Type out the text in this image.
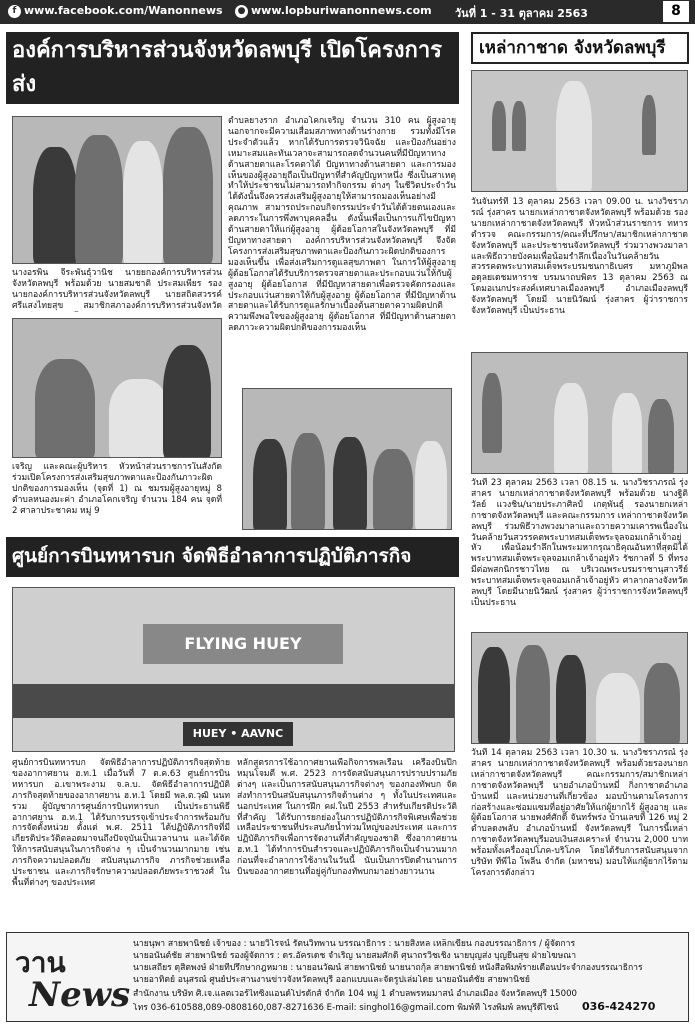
f www.facebook.com/Wanonnews ● www.lopburiwanonnews.com วันที่ 1 - 31 ตุลาคม 2563	8
องค์การบริหารส่วนจังหวัดลพบุรี เปิดโครงการส่ง
นางอรพิน จีระพันธุ์วานิช นายยกองค์การบริหารส่วนจังหวัดลพบุรี พร้อมด้วย นายสมชาติ ประสมเพียร รองนายกองค์การบริหารส่วนจังหวัดลพบุรี นายสถิตสวรรค์ ศรีแสงไทยสุข สมาชิกสภาองค์การบริหารส่วนจังหวัด
เจริญ และคณะผู้บริหาร หัวหน้าส่วนราชการในสังกัด ร่วมเปิดโครงการส่งเสริมสุขภาพตาและป้องกันภาวะผิดปกติของการมองเห็น (จุดที่ 1) ณ ชมรมผู้สูงอายุหมู่ 8 ตำบลหนองมะค่า อำเภอโคกเจริญ จำนวน 184 คน จุดที่ 2 ศาลาประชาคม หมู่ 9
ตำบลยางราก อำเภอโคกเจริญ จำนวน 310 คน ผู้สูงอายุ นอกจากจะมีความเสื่อมสภาพทางด้านร่างกาย รวมทั้งมีโรคประจำตัวแล้ว หากได้รับการตรวจวินิจฉัย และป้องกันอย่างเหมาะสมและทันเวลาจะสามารถลดจำนวนคนที่มีปัญหาทางด้านสายตาและโรคตาได้ ปัญหาทางด้านสายตา และการมองเห็นของผู้สูงอายุถือเป็นปัญหาที่สำคัญปัญหาหนึ่ง ซึ่งเป็นสาเหตุทำให้ประชาชนไม่สามารถทำกิจกรรม ต่างๆ ในชีวิตประจำวันได้ดังนั้นจึงควรส่งเสริมผู้สูงอายุให้สามารถมองเห็นอย่างมีคุณภาพ สามารถประกอบกิจกรรมประจำวันได้ด้วยตนเองและลดภาระในการพึ่งพาบุคคลอื่น ดังนั้นเพื่อเป็นการแก้ไขปัญหาด้านสายตาให้แก่ผู้สูงอายุ ผู้ด้อยโอกาสในจังหวัดลพบุรี ที่มีปัญหาทางสายตา องค์การบริหารส่วนจังหวัดลพบุรี จึงจัดโครงการส่งเสริมสุขภาพตาและป้องกันภาวะผิดปกติของการมองเห็นขึ้น เพื่อส่งเสริมการดูแลสุขภาพตา ในการให้ผู้สูงอายุ ผู้ด้อยโอกาสได้รับบริการตรวจสายตาและประกอบแว่นให้กับผู้สูงอายุ ผู้ด้อยโอกาส ที่มีปัญหาสายตาเพื่อตรวจคัดกรองและประกอบแว่นสายตาให้กับผู้สูงอายุ ผู้ด้อยโอกาส ที่มีปัญหาด้านสายตาและได้รับการดูแลรักษาเบื้องต้นสายตาความผิดปกติ ความพึงพอใจของผู้สูงอายุ ผู้ด้อยโอกาส ที่มีปัญหาด้านสายตา ลดภาวะความผิดปกติของการมองเห็น
ศูนย์การบินทหารบก จัดพิธีอำลาการปฏิบัติภารกิจ
FLYING HUEY
HUEY • AAVNC
ศูนย์การบินทหารบก จัดพิธีอำลาการปฏิบัติภารกิจสุดท้ายของอากาศยาน ฮ.ท.1 เมื่อวันที่ 7 ต.ค.63 ศูนย์การบินทหารบก อ.เขาพระงาม จ.ล.บ. จัดพิธีอำลาการปฏิบัติภารกิจสุดท้ายของอากาศยาน ฮ.ท.1 โดยมี พล.ต.วุฒิ นนทรวม ผู้บัญชาการศูนย์การบินทหารบก เป็นประธานพิธี อากาศยาน ฮ.ท.1 ได้รับการบรรจุเข้าประจำการพร้อมกับการจัดตั้งหน่วย ตั้งแต่ พ.ศ. 2511 ได้ปฏิบัติภารกิจที่มีเกียรติประวัติตลอดมาจนถึงปัจจุบันเป็นเวลานาน และได้จัดให้การสนับสนุนในภารกิจต่าง ๆ เป็นจำนวนมากมาย เช่น ภารกิจความปลอดภัย สนับสนุนภารกิจ ภารกิจช่วยเหลือประชาชน และภารกิจรักษาความปลอดภัยพระราชวงศ์ ในพื้นที่ต่างๆ ของประเทศ
หลักสูตรการใช้อากาศยานเพื่อกิจการพลเรือน เครื่องบินปีกหมุนโจมตี พ.ศ. 2523 การจัดสนับสนุนการปราบปรามภัยต่างๆ และเป็นการสนับสนุนภารกิจต่างๆ ของกองทัพบก จัดส่งทำการบินสนับสนุนภารกิจด้านต่าง ๆ ทั้งในประเทศและนอกประเทศ ในการฝึก คฝ.ในปี 2553 สำหรับเกียรติประวัติที่สำคัญ ได้รับการยกย่องในการปฏิบัติภารกิจพิเศษเพื่อช่วยเหลือประชาชนที่ประสบภัยน้ำท่วมใหญ่ของประเทศ และการปฏิบัติภารกิจเพื่อการจัดงานที่สำคัญของชาติ ซึ่งอากาศยาน ฮ.ท.1 ได้ทำการบินสำรวจและปฏิบัติภารกิจเป็นจำนวนมาก ก่อนที่จะอำลาการใช้งานในวันนี้ นับเป็นการปิดตำนานการบินของอากาศยานที่อยู่คู่กับกองทัพบกมาอย่างยาวนาน
เหล่ากาชาด จังหวัดลพบุรี
วันจันทร์ที่ 13 ตุลาคม 2563 เวลา 09.00 น. นางวิชราภรณ์ รุ่งสาคร นายกเหล่ากาชาดจังหวัดลพบุรี พร้อมด้วย รองนายกเหล่ากาชาดจังหวัดลพบุรี หัวหน้าส่วนราชการ ทหาร ตำรวจ คณะกรรมการ/คณะที่ปรึกษา/สมาชิกเหล่ากาชาดจังหวัดลพบุรี และประชาชนจังหวัดลพบุรี ร่วมวางพวงมาลา และพิธีถวายบังคมเพื่อน้อมรำลึกเนื่องในวันคล้ายวันสวรรคตพระบาทสมเด็จพระบรมชนกาธิเบศร มหาภูมิพลอดุลยเดชมหาราช บรมนาถบพิตร 13 ตุลาคม 2563 ณ โดมอเนกประสงค์เทศบาลเมืองลพบุรี อำเภอเมืองลพบุรี จังหวัดลพบุรี โดยมี นายนิวัฒน์ รุ่งสาคร ผู้ว่าราชการจังหวัดลพบุรี เป็นประธาน
วันที่ 23 ตุลาคม 2563 เวลา 08.15 น. นางวิชราภรณ์ รุ่งสาคร นายกเหล่ากาชาดจังหวัดลพบุรี พร้อมด้วย นางฐิติวัลย์ แวงชิน/นายประภาศิลป์ เกตุพันธุ์ รองนายกเหล่ากาชาดจังหวัดลพบุรี และคณะกรรมการ เหล่ากาชาดจังหวัดลพบุรี ร่วมพิธีวางพวงมาลาและถวายความเคารพเนื่องในวันคล้ายวันสวรรคตพระบาทสมเด็จพระจุลจอมเกล้าเจ้าอยู่หัว เพื่อน้อมรำลึกในพระมหากรุณาธิคุณอันหาที่สุดมิได้ พระบาทสมเด็จพระจุลจอมเกล้าเจ้าอยู่หัว รัชกาลที่ 5 ที่ทรงมีต่อพสกนิกรชาวไทย ณ บริเวณพระบรมราชานุสาวรีย์พระบาทสมเด็จพระจุลจอมเกล้าเจ้าอยู่หัว ศาลากลางจังหวัดลพบุรี โดยมีนายนิวัฒน์ รุ่งสาคร ผู้ว่าราชการจังหวัดลพบุรี เป็นประธาน
วันที่ 14 ตุลาคม 2563 เวลา 10.30 น. นางวิชราภรณ์ รุ่งสาคร นายกเหล่ากาชาดจังหวัดลพบุรี พร้อมด้วยรองนายกเหล่ากาชาดจังหวัดลพบุรี คณะกรรมการ/สมาชิกเหล่ากาชาดจังหวัดลพบุรี นายอำเภอบ้านหมี่ กิ่งกาชาดอำเภอบ้านหมี่ และหน่วยงานที่เกี่ยวข้อง มอบบ้านตามโครงการก่อสร้างและซ่อมแซมที่อยู่อาศัยให้แก่ผู้ยากไร้ ผู้สูงอายุ และผู้ด้อยโอกาส นายพงศ์ศักดิ์ จันทร์พร่ง บ้านเลขที่ 126 หมู่ 2 ตำบลดงพลับ อำเภอบ้านหมี่ จังหวัดลพบุรี ในการนี้เหล่ากาชาดจังหวัดลพบุรีมอบเงินสงเคราะห์ จำนวน 2,000 บาท พร้อมทั้งเครื่องอุปโภค-บริโภค โดยได้รับการสนับสนุนจาก บริษัท ทีพีไอ โพลีน จำกัด (มหาชน) มอบให้แก่ผู้ยากไร้ตามโครงการดังกล่าว
วาน
News
นายนุพา สายพานิชย์ เจ้าของ : นายวิโรจน์ รัตนวิทพาน บรรณาธิการ : นายสิงหล เหล็กเขียน กองบรรณาธิการ / ผู้จัดการ
นายอนันต์ชัย สายพานิชย์ รองผู้จัดการ : ดร.อัครเดช จำเริญ นายสมศักดิ์ ศุนาถรวิชเชิ่ง นายบุญส่ง บุญยืนสุข ฝ่ายโฆษณา
นายเสถียร ดุสิตพงษ์ ฝ่ายที่ปรึกษากฎหมาย : นายอนวัฒน์ สายพานิชย์ นายนาถกุ้ล สายพานิชย์ หนังสือพิมพ์รายเดือนประจำกองบรรณาธิการ
นายอาทิตย์ อนุสรณ์ ศูนย์ประสานงานข่าวจังหวัดลพบุรี ออกแบบและจัดรูปเล่มโดย นายอนันต์ชัย สายพานิชย์
สำนักงาน บริษัท ศิ.เจ.แลตเวอร์ไทซิ่งแอนด์โปรดักส์ จำกัด 104 หมู่ 1 ตำบลพรหมมาสน์ อำเภอเมือง จังหวัดลพบุรี 15000
โทร 036-610588,089-0808160,087-8271636 E-mail: singhol16@gmail.com พิมพ์ที่ โรงพิมพ์ ลพบุรีดีไซน์	036-424270
